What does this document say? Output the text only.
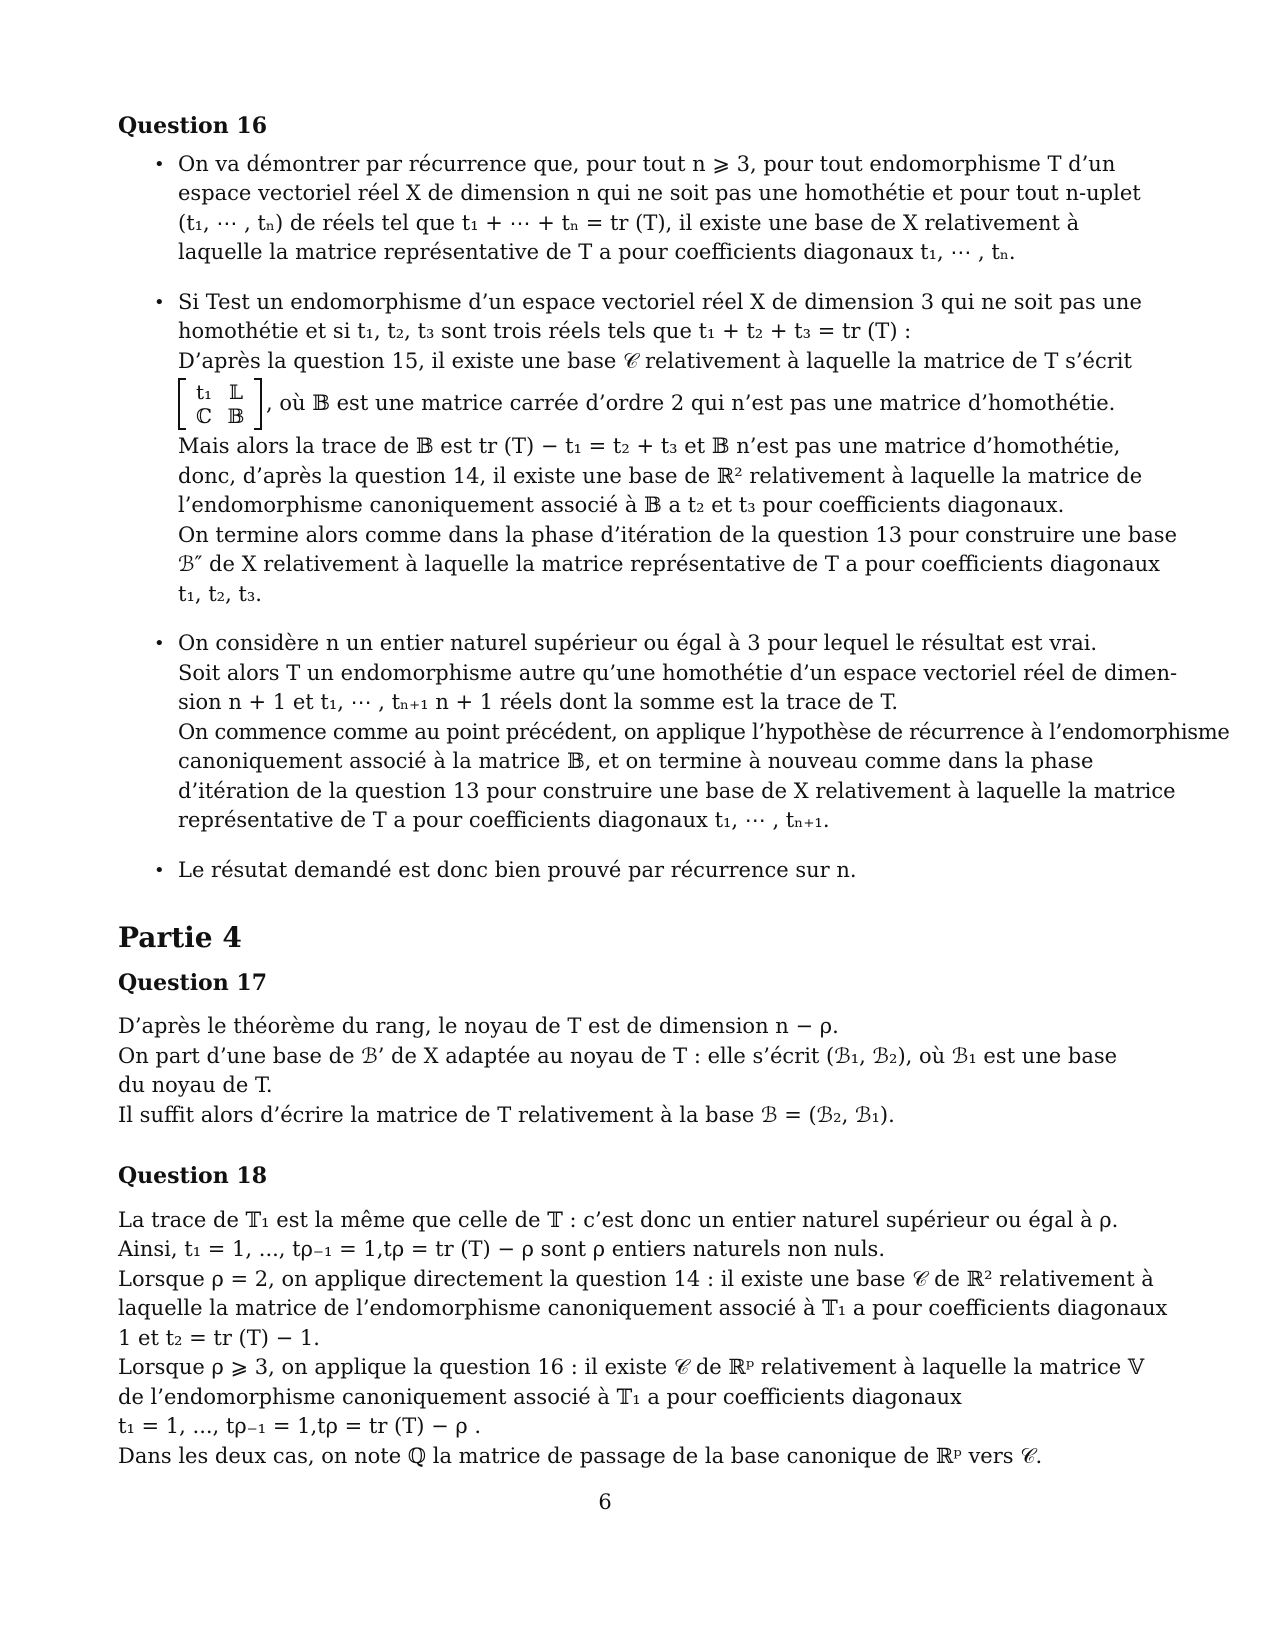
Question 16
• On va démontrer par récurrence que, pour tout n ⩾ 3, pour tout endomorphisme T d’un
espace vectoriel réel X de dimension n qui ne soit pas une homothétie et pour tout n-uplet
(t₁, ⋯ , tₙ) de réels tel que t₁ + ⋯ + tₙ = tr (T), il existe une base de X relativement à
laquelle la matrice représentative de T a pour coefficients diagonaux t₁, ⋯ , tₙ.
• Si Test un endomorphisme d’un espace vectoriel réel X de dimension 3 qui ne soit pas une
homothétie et si t₁, t₂, t₃ sont trois réels tels que t₁ + t₂ + t₃ = tr (T) :
D’après la question 15, il existe une base 𝒞 relativement à laquelle la matrice de T s’écrit
t₁ 𝕃
ℂ 𝔹
, où 𝔹 est une matrice carrée d’ordre 2 qui n’est pas une matrice d’homothétie.
Mais alors la trace de 𝔹 est tr (T) − t₁ = t₂ + t₃ et 𝔹 n’est pas une matrice d’homothétie,
donc, d’après la question 14, il existe une base de ℝ² relativement à laquelle la matrice de
l’endomorphisme canoniquement associé à 𝔹 a t₂ et t₃ pour coefficients diagonaux.
On termine alors comme dans la phase d’itération de la question 13 pour construire une base
ℬ″ de X relativement à laquelle la matrice représentative de T a pour coefficients diagonaux
t₁, t₂, t₃.
• On considère n un entier naturel supérieur ou égal à 3 pour lequel le résultat est vrai.
Soit alors T un endomorphisme autre qu’une homothétie d’un espace vectoriel réel de dimen-
sion n + 1 et t₁, ⋯ , tₙ₊₁ n + 1 réels dont la somme est la trace de T.
On commence comme au point précédent, on applique l’hypothèse de récurrence à l’endomorphisme
canoniquement associé à la matrice 𝔹, et on termine à nouveau comme dans la phase
d’itération de la question 13 pour construire une base de X relativement à laquelle la matrice
représentative de T a pour coefficients diagonaux t₁, ⋯ , tₙ₊₁.
• Le résutat demandé est donc bien prouvé par récurrence sur n.
Partie 4
Question 17
D’après le théorème du rang, le noyau de T est de dimension n − ρ.
On part d’une base de ℬ’ de X adaptée au noyau de T : elle s’écrit (ℬ₁, ℬ₂), où ℬ₁ est une base
du noyau de T.
Il suffit alors d’écrire la matrice de T relativement à la base ℬ = (ℬ₂, ℬ₁).
Question 18
La trace de 𝕋₁ est la même que celle de 𝕋 : c’est donc un entier naturel supérieur ou égal à ρ.
Ainsi, t₁ = 1, ..., tρ₋₁ = 1,tρ = tr (T) − ρ sont ρ entiers naturels non nuls.
Lorsque ρ = 2, on applique directement la question 14 : il existe une base 𝒞 de ℝ² relativement à
laquelle la matrice de l’endomorphisme canoniquement associé à 𝕋₁ a pour coefficients diagonaux
1 et t₂ = tr (T) − 1.
Lorsque ρ ⩾ 3, on applique la question 16 : il existe 𝒞 de ℝᵖ relativement à laquelle la matrice 𝕍
de l’endomorphisme canoniquement associé à 𝕋₁ a pour coefficients diagonaux
t₁ = 1, ..., tρ₋₁ = 1,tρ = tr (T) − ρ .
Dans les deux cas, on note ℚ la matrice de passage de la base canonique de ℝᵖ vers 𝒞.
6
